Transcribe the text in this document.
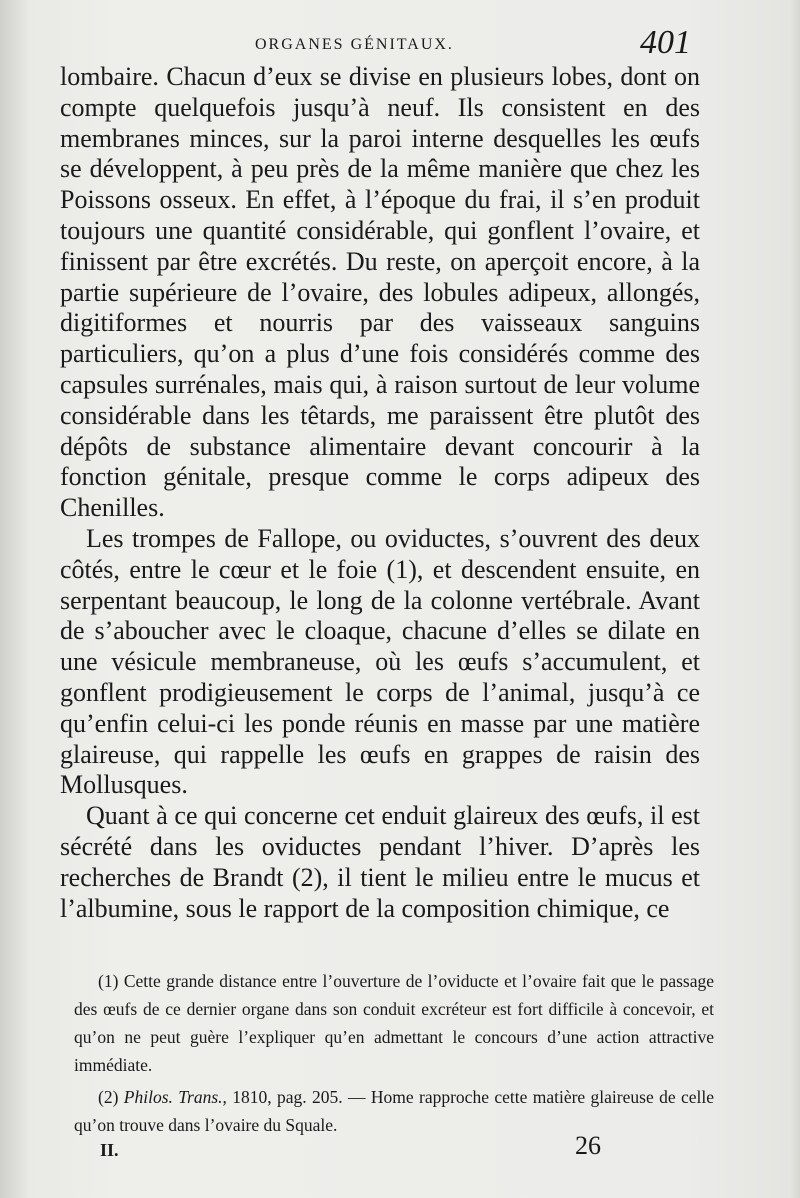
ORGANES GÉNITAUX.	401

lombaire. Chacun d’eux se divise en plusieurs lobes, dont on compte quelquefois jusqu’à neuf. Ils consistent en des membranes minces, sur la paroi interne desquelles les œufs se développent, à peu près de la même manière que chez les Poissons osseux. En effet, à l’époque du frai, il s’en produit toujours une quantité considérable, qui gonflent l’ovaire, et finissent par être excrétés. Du reste, on aperçoit encore, à la partie supérieure de l’ovaire, des lobules adipeux, allongés, digitiformes et nourris par des vaisseaux sanguins particuliers, qu’on a plus d’une fois considérés comme des capsules surrénales, mais qui, à raison surtout de leur volume considérable dans les têtards, me paraissent être plutôt des dépôts de substance alimentaire devant concourir à la fonction génitale, presque comme le corps adipeux des Chenilles.

Les trompes de Fallope, ou oviductes, s’ouvrent des deux côtés, entre le cœur et le foie (1), et descendent ensuite, en serpentant beaucoup, le long de la colonne vertébrale. Avant de s’aboucher avec le cloaque, chacune d’elles se dilate en une vésicule membraneuse, où les œufs s’accumulent, et gonflent prodigieusement le corps de l’animal, jusqu’à ce qu’enfin celui-ci les ponde réunis en masse par une matière glaireuse, qui rappelle les œufs en grappes de raisin des Mollusques.

Quant à ce qui concerne cet enduit glaireux des œufs, il est sécrété dans les oviductes pendant l’hiver. D’après les recherches de Brandt (2), il tient le milieu entre le mucus et l’albumine, sous le rapport de la composition chimique, ce

(1) Cette grande distance entre l’ouverture de l’oviducte et l’ovaire fait que le passage des œufs de ce dernier organe dans son conduit excréteur est fort difficile à concevoir, et qu’on ne peut guère l’expliquer qu’en admettant le concours d’une action attractive immédiate.

(2) Philos. Trans., 1810, pag. 205. — Home rapproche cette matière glaireuse de celle qu’on trouve dans l’ovaire du Squale.

II.	26
